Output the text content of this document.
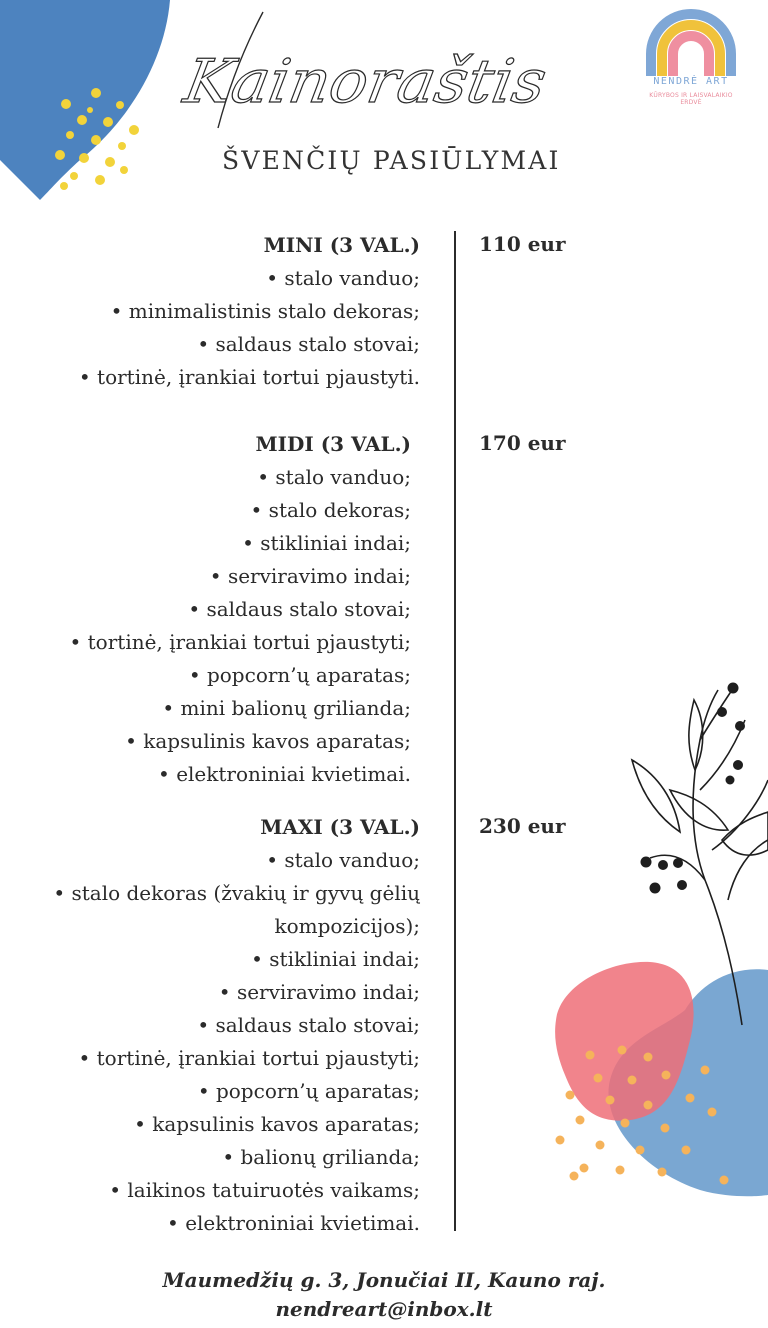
Kainoraštis	NENDRĖ ART
KŪRYBOS IR LAISVALAIKIO ERDVĖ
ŠVENČIŲ PASIŪLYMAI
MINI (3 VAL.)
• stalo vanduo;
• minimalistinis stalo dekoras;
• saldaus stalo stovai;
• tortinė, įrankiai tortui pjaustyti.
110 eur
MIDI (3 VAL.)
• stalo vanduo;
• stalo dekoras;
• stikliniai indai;
• serviravimo indai;
• saldaus stalo stovai;
• tortinė, įrankiai tortui pjaustyti;
• popcorn’ų aparatas;
• mini balionų grilianda;
• kapsulinis kavos aparatas;
• elektroniniai kvietimai.
170 eur
MAXI (3 VAL.)
• stalo vanduo;
• stalo dekoras (žvakių ir gyvų gėlių
kompozicijos);
• stikliniai indai;
• serviravimo indai;
• saldaus stalo stovai;
• tortinė, įrankiai tortui pjaustyti;
• popcorn’ų aparatas;
• kapsulinis kavos aparatas;
• balionų grilianda;
• laikinos tatuiruotės vaikams;
• elektroniniai kvietimai.
230 eur
Maumedžių g. 3, Jonučiai II, Kauno raj.
nendreart@inbox.lt
